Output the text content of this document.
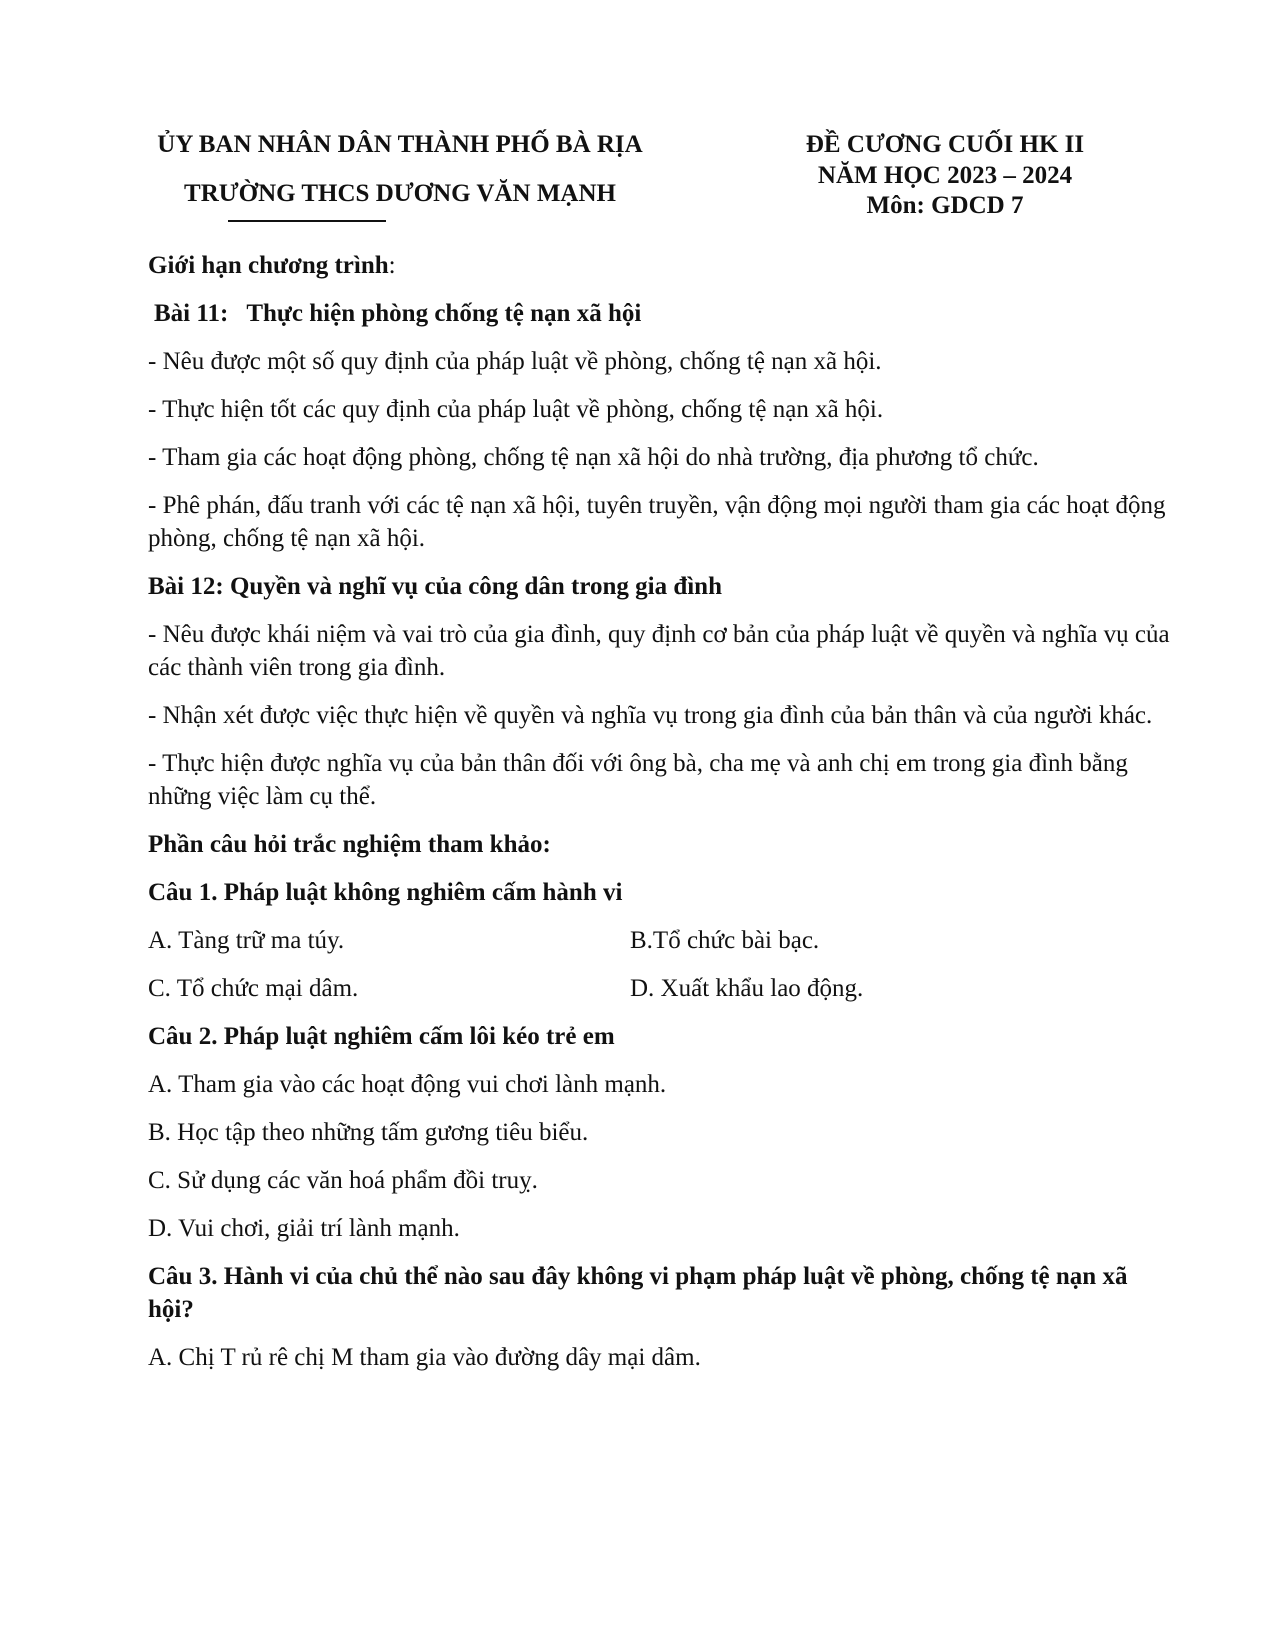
ỦY BAN NHÂN DÂN THÀNH PHỐ BÀ RỊA
TRƯỜNG THCS DƯƠNG VĂN MẠNH
ĐỀ CƯƠNG CUỐI HK II
NĂM HỌC 2023 – 2024
Môn: GDCD 7

Giới hạn chương trình:

Bài 11: Thực hiện phòng chống tệ nạn xã hội

- Nêu được một số quy định của pháp luật về phòng, chống tệ nạn xã hội.

- Thực hiện tốt các quy định của pháp luật về phòng, chống tệ nạn xã hội.

- Tham gia các hoạt động phòng, chống tệ nạn xã hội do nhà trường, địa phương tổ chức.

- Phê phán, đấu tranh với các tệ nạn xã hội, tuyên truyền, vận động mọi người tham gia các hoạt động phòng, chống tệ nạn xã hội.

Bài 12: Quyền và nghĩ vụ của công dân trong gia đình

- Nêu được khái niệm và vai trò của gia đình, quy định cơ bản của pháp luật về quyền và nghĩa vụ của các thành viên trong gia đình.

- Nhận xét được việc thực hiện về quyền và nghĩa vụ trong gia đình của bản thân và của người khác.

- Thực hiện được nghĩa vụ của bản thân đối với ông bà, cha mẹ và anh chị em trong gia đình bằng những việc làm cụ thể.

Phần câu hỏi trắc nghiệm tham khảo:

Câu 1. Pháp luật không nghiêm cấm hành vi

A. Tàng trữ ma túy.	B.Tổ chức bài bạc.
C. Tổ chức mại dâm.	D. Xuất khẩu lao động.

Câu 2. Pháp luật nghiêm cấm lôi kéo trẻ em

A. Tham gia vào các hoạt động vui chơi lành mạnh.

B. Học tập theo những tấm gương tiêu biểu.

C. Sử dụng các văn hoá phẩm đồi truỵ.

D. Vui chơi, giải trí lành mạnh.

Câu 3. Hành vi của chủ thể nào sau đây không vi phạm pháp luật về phòng, chống tệ nạn xã hội?

A. Chị T rủ rê chị M tham gia vào đường dây mại dâm.
